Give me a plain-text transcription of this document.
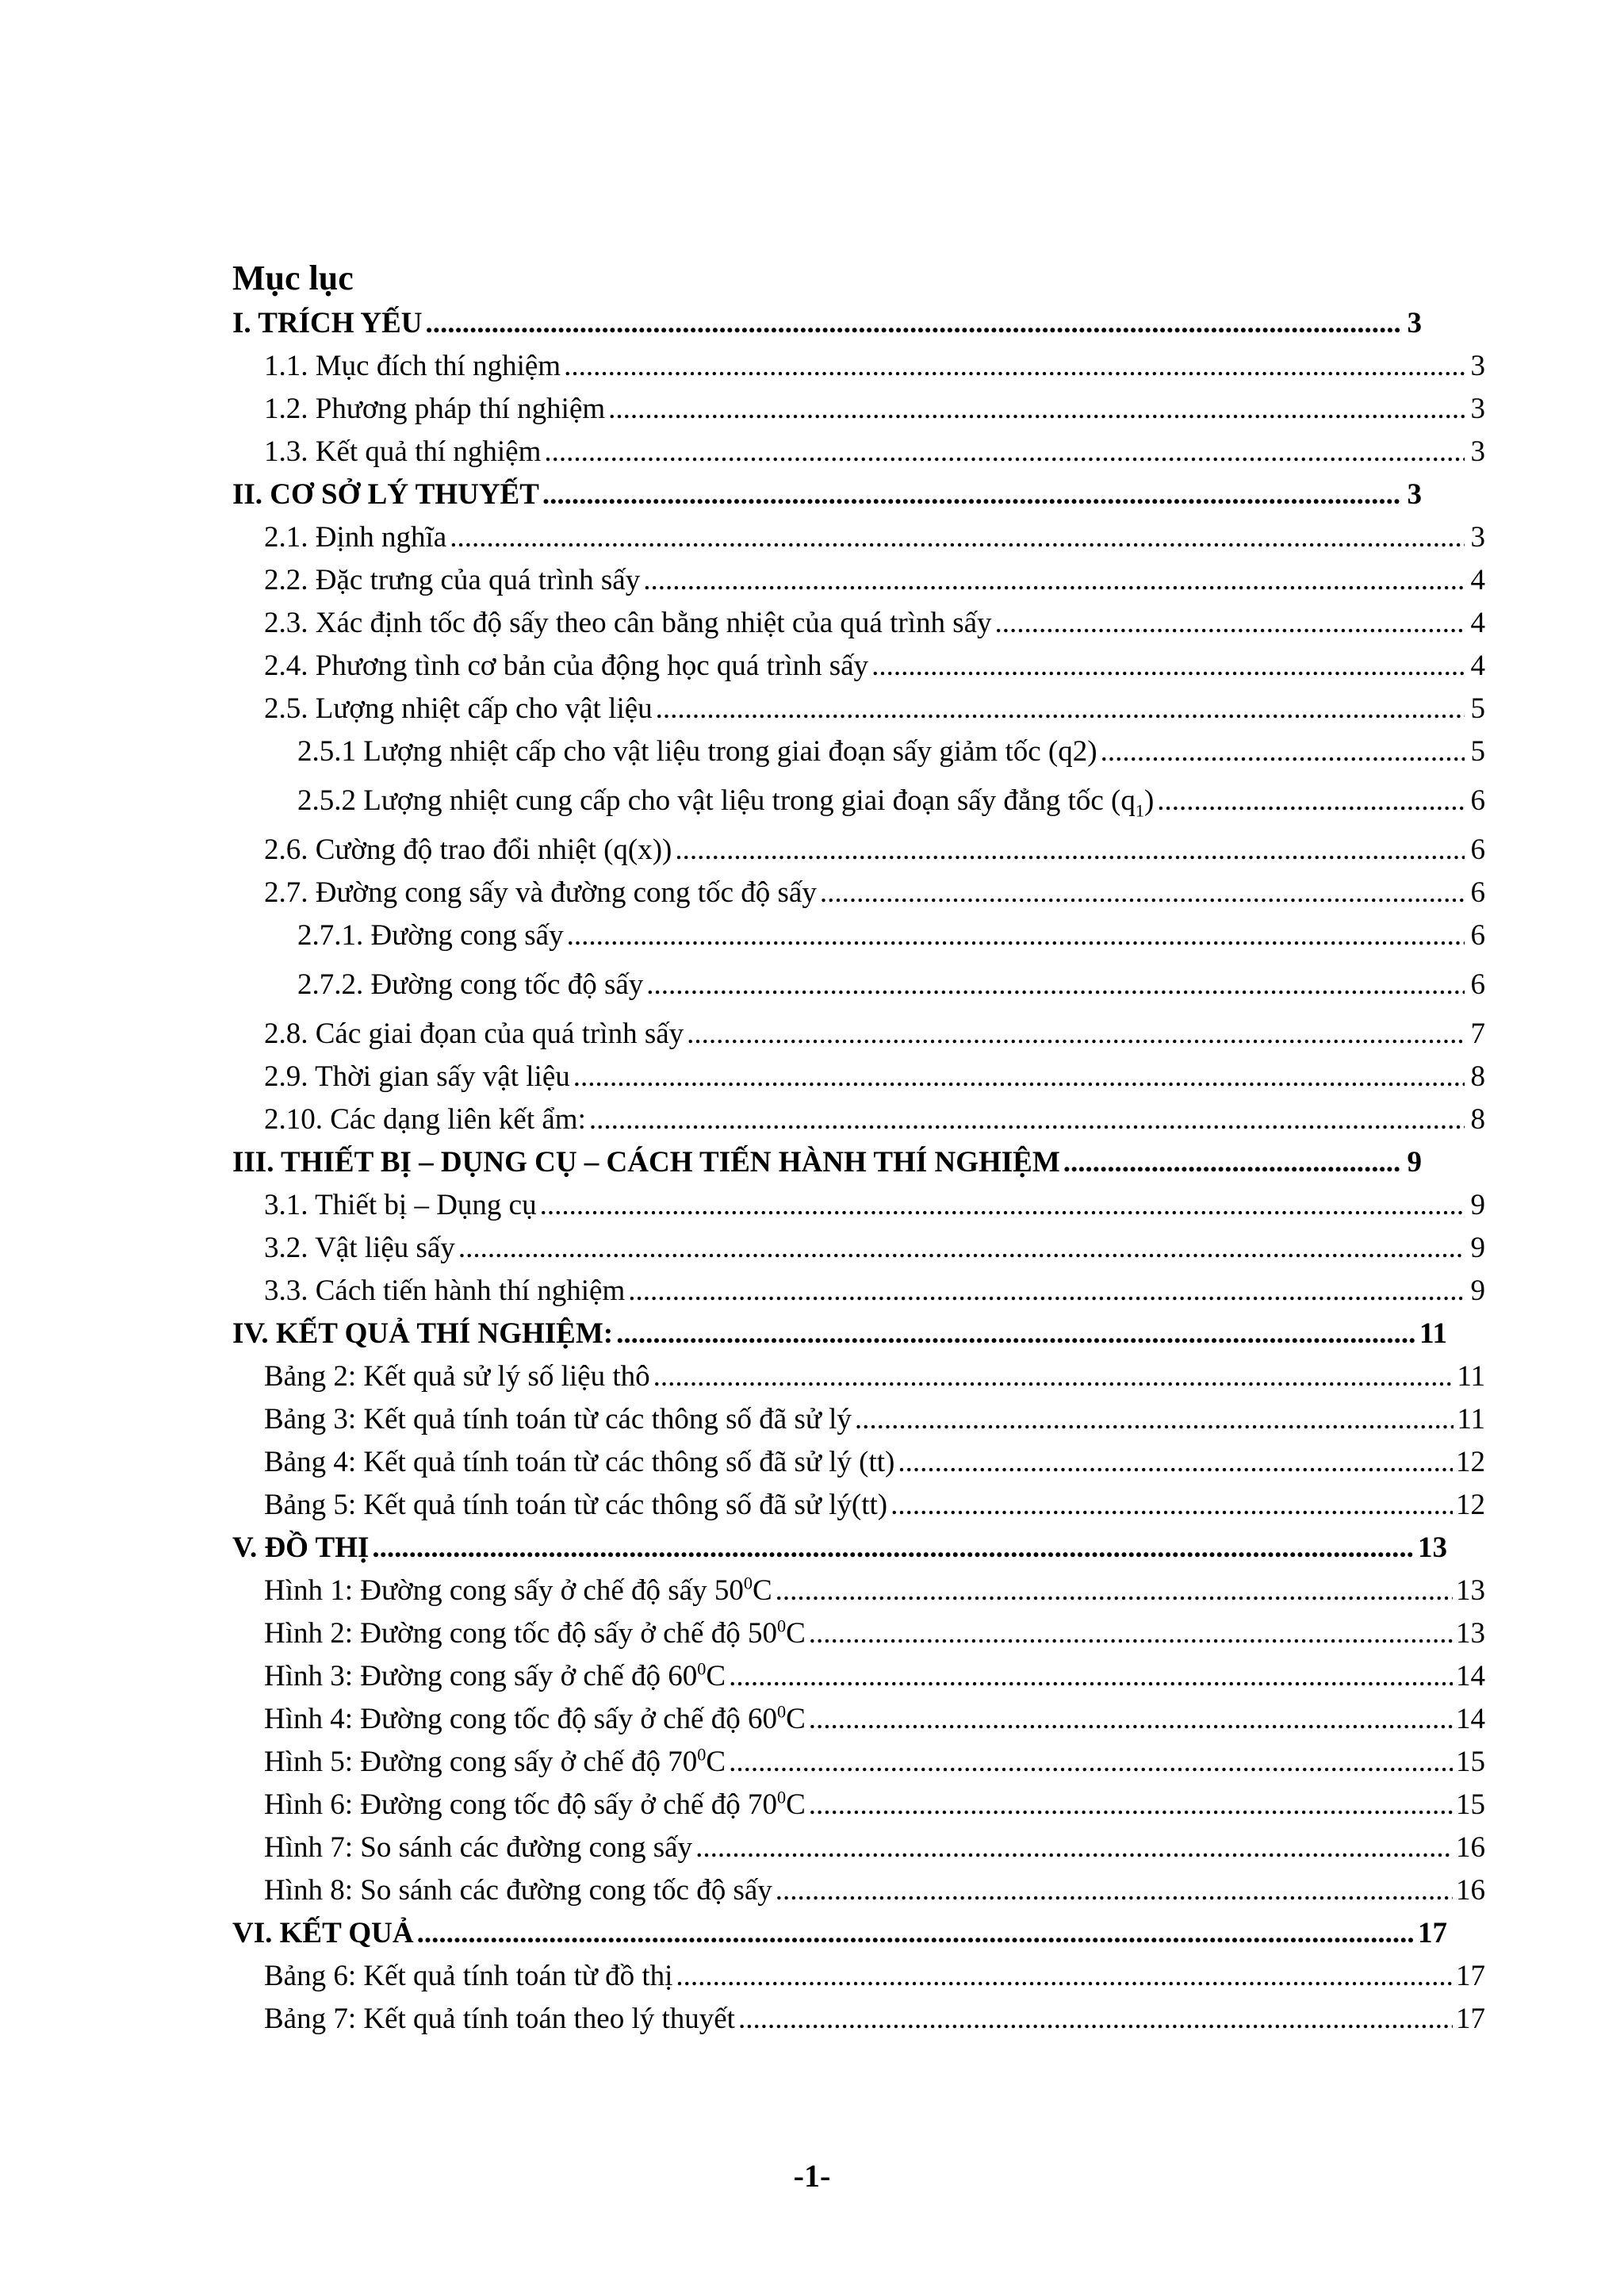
Mục lục
I. TRÍCH YẾU .....	3
1.1. Mục đích thí nghiệm .....	3
1.2. Phương pháp thí nghiệm .....	3
1.3. Kết quả thí nghiệm .....	3
II. CƠ SỞ LÝ THUYẾT .....	3
2.1. Định nghĩa .....	3
2.2. Đặc trưng của quá trình sấy .....	4
2.3. Xác định tốc độ sấy theo cân bằng nhiệt của quá trình sấy .....	4
2.4. Phương tình cơ bản của động học quá trình sấy .....	4
2.5. Lượng nhiệt cấp cho vật liệu .....	5
2.5.1 Lượng nhiệt cấp cho vật liệu trong giai đoạn sấy giảm tốc (q2) .....	5
2.5.2 Lượng nhiệt cung cấp cho vật liệu trong giai đoạn sấy đẳng tốc $(q_1)$ .....	6
2.6. Cường độ trao đổi nhiệt (q(x)) .....	6
2.7. Đường cong sấy và đường cong tốc độ sấy .....	6
2.7.1. Đường cong sấy .....	6
2.7.2. Đường cong tốc độ sấy .....	6
2.8. Các giai đọan của quá trình sấy .....	7
2.9. Thời gian sấy vật liệu .....	8
2.10. Các dạng liên kết ẩm: .....	8
III. THIẾT BỊ – DỤNG CỤ – CÁCH TIẾN HÀNH THÍ NGHIỆM .....	9
3.1. Thiết bị – Dụng cụ .....	9
3.2. Vật liệu sấy .....	9
3.3. Cách tiến hành thí nghiệm .....	9
IV. KẾT QUẢ THÍ NGHIỆM: .....	11
Bảng 2: Kết quả sử lý số liệu thô .....	11
Bảng 3: Kết quả tính toán từ các thông số đã sử lý .....	11
Bảng 4: Kết quả tính toán từ các thông số đã sử lý (tt) .....	12
Bảng 5: Kết quả tính toán từ các thông số đã sử lý(tt) .....	12
V. ĐỒ THỊ .....	13
Hình 1: Đường cong sấy ở chế độ sấy $50^0C$ .....	13
Hình 2: Đường cong tốc độ sấy ở chế độ $50^0C$ .....	13
Hình 3: Đường cong sấy ở chế độ $60^0C$ .....	14
Hình 4: Đường cong tốc độ sấy ở chế độ $60^0C$ .....	14
Hình 5: Đường cong sấy ở chế độ $70^0C$ .....	15
Hình 6: Đường cong tốc độ sấy ở chế độ $70^0C$ .....	15
Hình 7: So sánh các đường cong sấy .....	16
Hình 8: So sánh các đường cong tốc độ sấy .....	16
VI. KẾT QUẢ .....	17
Bảng 6: Kết quả tính toán từ đồ thị .....	17
Bảng 7: Kết quả tính toán theo lý thuyết .....	17
-1-
